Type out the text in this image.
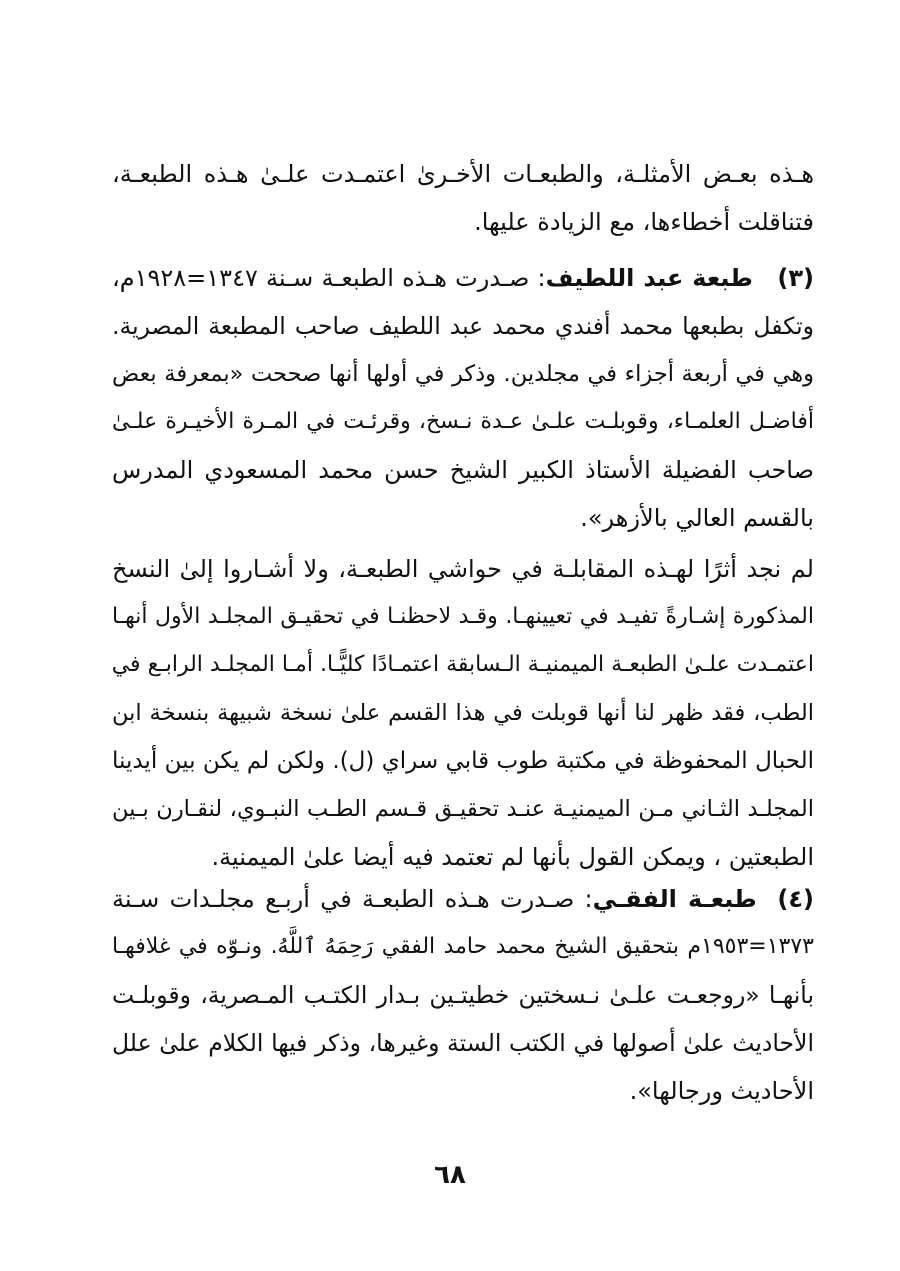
هـذه بعـض الأمثلـة، والطبعـات الأخـرىٰ اعتمـدت علـىٰ هـذه الطبعـة،
فتناقلت أخطاءها، مع الزيادة عليها.

(٣)   طبعة عبد اللطيف: صـدرت هـذه الطبعـة سـنة ١٣٤٧=١٩٢٨م،
وتكفل بطبعها محمد أفندي محمد عبد اللطيف صاحب المطبعة المصرية.
وهي في أربعة أجزاء في مجلدين. وذكر في أولها أنها صححت «بمعرفة بعض
أفاضـل العلمـاء، وقوبلـت علـىٰ عـدة نـسخ، وقرئـت في المـرة الأخيـرة علـىٰ
صاحب الفضيلة الأستاذ الكبير الشيخ حسن محمد المسعودي المدرس
بالقسم العالي بالأزهر».

لم نجد أثرًا لهـذه المقابلـة في حواشي الطبعـة، ولا أشـاروا إلىٰ النسخ
المذكورة إشـارةً تفيـد في تعيينهـا. وقـد لاحظنـا في تحقيـق المجلـد الأول أنهـا
اعتمـدت علـىٰ الطبعـة الميمنيـة الـسابقة اعتمـادًا كليًّـا. أمـا المجلـد الرابـع في
الطب، فقد ظهر لنا أنها قوبلت في هذا القسم علىٰ نسخة شبيهة بنسخة ابن
الحبال المحفوظة في مكتبة طوب قابي سراي (ل). ولكن لم يكن بين أيدينا
المجلـد الثـاني مـن الميمنيـة عنـد تحقيـق قـسم الطـب النبـوي، لنقـارن بـين
الطبعتين ، ويمكن القول بأنها لم تعتمد فيه أيضا علىٰ الميمنية.

(٤)  طبعـة الفقـي: صـدرت هـذه الطبعـة في أربـع مجلـدات سـنة
١٣٧٣=١٩٥٣م بتحقيق الشيخ محمد حامد الفقي رَحِمَهُ ٱللَّهُ. ونـوّه في غلافهـا
بأنهـا «روجعـت علـىٰ نـسختين خطيتـين بـدار الكتـب المـصرية، وقوبلـت
الأحاديث علىٰ أصولها في الكتب الستة وغيرها، وذكر فيها الكلام علىٰ علل
الأحاديث ورجالها».

٦٨
